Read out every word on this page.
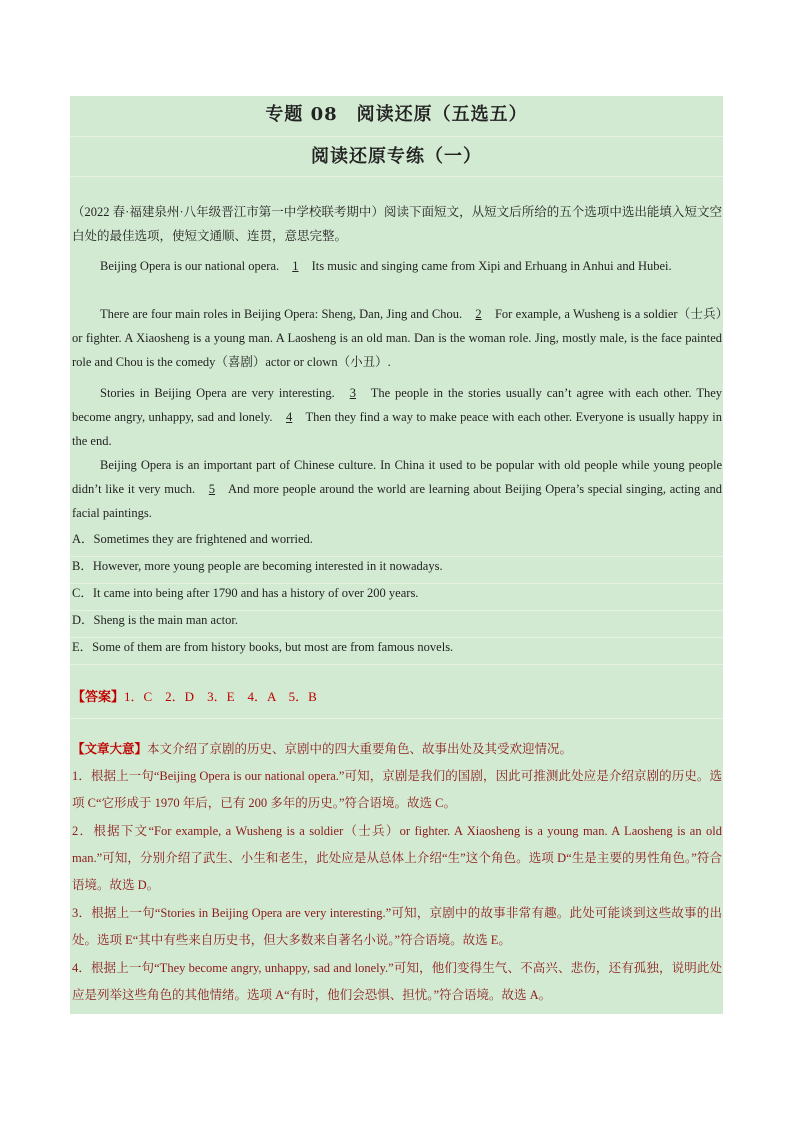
专题 08　阅读还原（五选五）
阅读还原专练（一）
（2022 春·福建泉州·八年级晋江市第一中学校联考期中）阅读下面短文，从短文后所给的五个选项中选出能填入短文空白处的最佳选项，使短文通顺、连贯，意思完整。
Beijing Opera is our national opera. 1 Its music and singing came from Xipi and Erhuang in Anhui and Hubei.
There are four main roles in Beijing Opera: Sheng, Dan, Jing and Chou. 2 For example, a Wusheng is a soldier（士兵）or fighter. A Xiaosheng is a young man. A Laosheng is an old man. Dan is the woman role. Jing, mostly male, is the face painted role and Chou is the comedy（喜剧）actor or clown（小丑）.
Stories in Beijing Opera are very interesting. 3 The people in the stories usually can’t agree with each other. They become angry, unhappy, sad and lonely. 4 Then they find a way to make peace with each other. Everyone is usually happy in the end.
Beijing Opera is an important part of Chinese culture. In China it used to be popular with old people while young people didn’t like it very much. 5 And more people around the world are learning about Beijing Opera’s special singing, acting and facial paintings.
A．Sometimes they are frightened and worried.
B．However, more young people are becoming interested in it nowadays.
C．It came into being after 1790 and has a history of over 200 years.
D．Sheng is the main man actor.
E．Some of them are from history books, but most are from famous novels.
【答案】1．C　2．D　3．E　4．A　5．B
【文章大意】本文介绍了京剧的历史、京剧中的四大重要角色、故事出处及其受欢迎情况。
1．根据上一句“Beijing Opera is our national opera.”可知，京剧是我们的国剧，因此可推测此处应是介绍京剧的历史。选项 C“它形成于 1970 年后，已有 200 多年的历史。”符合语境。故选 C。
2．根据下文“For example, a Wusheng is a soldier（士兵）or fighter. A Xiaosheng is a young man. A Laosheng is an old man.”可知，分别介绍了武生、小生和老生，此处应是从总体上介绍“生”这个角色。选项 D“生是主要的男性角色。”符合语境。故选 D。
3．根据上一句“Stories in Beijing Opera are very interesting.”可知，京剧中的故事非常有趣。此处可能谈到这些故事的出处。选项 E“其中有些来自历史书，但大多数来自著名小说。”符合语境。故选 E。
4．根据上一句“They become angry, unhappy, sad and lonely.”可知，他们变得生气、不高兴、悲伤，还有孤独，说明此处应是列举这些角色的其他情绪。选项 A“有时，他们会恐惧、担忧。”符合语境。故选 A。
